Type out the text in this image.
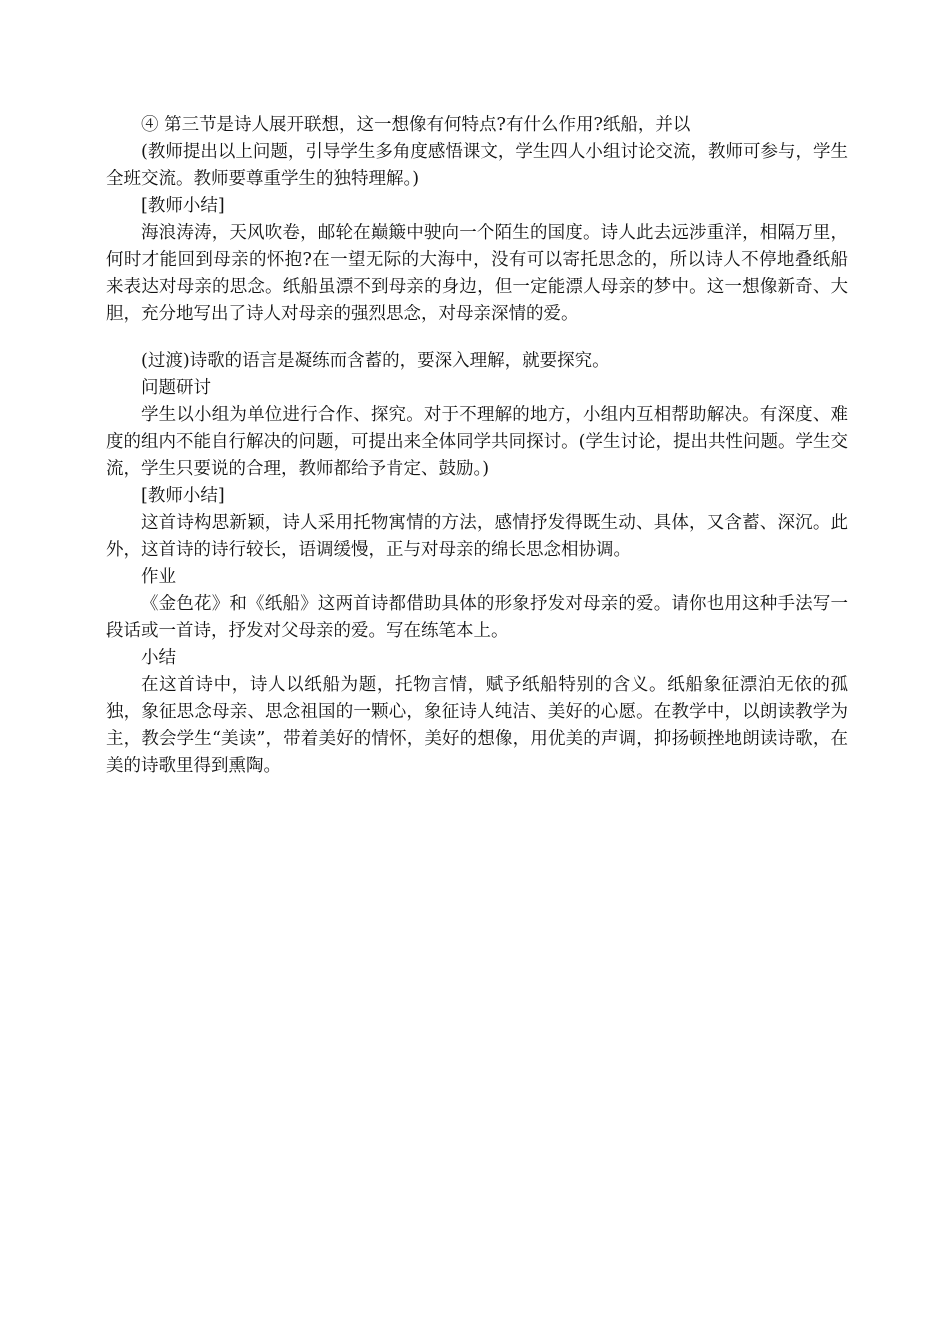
④ 第三节是诗人展开联想，这一想像有何特点?有什么作用?纸船，并以

(教师提出以上问题，引导学生多角度感悟课文，学生四人小组讨论交流，教师可参与，学生全班交流。教师要尊重学生的独特理解。)

[教师小结]

海浪涛涛，天风吹卷，邮轮在巅簸中驶向一个陌生的国度。诗人此去远涉重洋，相隔万里，何时才能回到母亲的怀抱?在一望无际的大海中，没有可以寄托思念的，所以诗人不停地叠纸船来表达对母亲的思念。纸船虽漂不到母亲的身边，但一定能漂人母亲的梦中。这一想像新奇、大胆，充分地写出了诗人对母亲的强烈思念，对母亲深情的爱。

(过渡)诗歌的语言是凝练而含蓄的，要深入理解，就要探究。

问题研讨

学生以小组为单位进行合作、探究。对于不理解的地方，小组内互相帮助解决。有深度、难度的组内不能自行解决的问题，可提出来全体同学共同探讨。(学生讨论，提出共性问题。学生交流，学生只要说的合理，教师都给予肯定、鼓励。)

[教师小结]

这首诗构思新颖，诗人采用托物寓情的方法，感情抒发得既生动、具体，又含蓄、深沉。此外，这首诗的诗行较长，语调缓慢，正与对母亲的绵长思念相协调。

作业

《金色花》和《纸船》这两首诗都借助具体的形象抒发对母亲的爱。请你也用这种手法写一段话或一首诗，抒发对父母亲的爱。写在练笔本上。

小结

在这首诗中，诗人以纸船为题，托物言情，赋予纸船特别的含义。纸船象征漂泊无依的孤独，象征思念母亲、思念祖国的一颗心，象征诗人纯洁、美好的心愿。在教学中，以朗读教学为主，教会学生“美读”，带着美好的情怀，美好的想像，用优美的声调，抑扬顿挫地朗读诗歌，在美的诗歌里得到熏陶。
